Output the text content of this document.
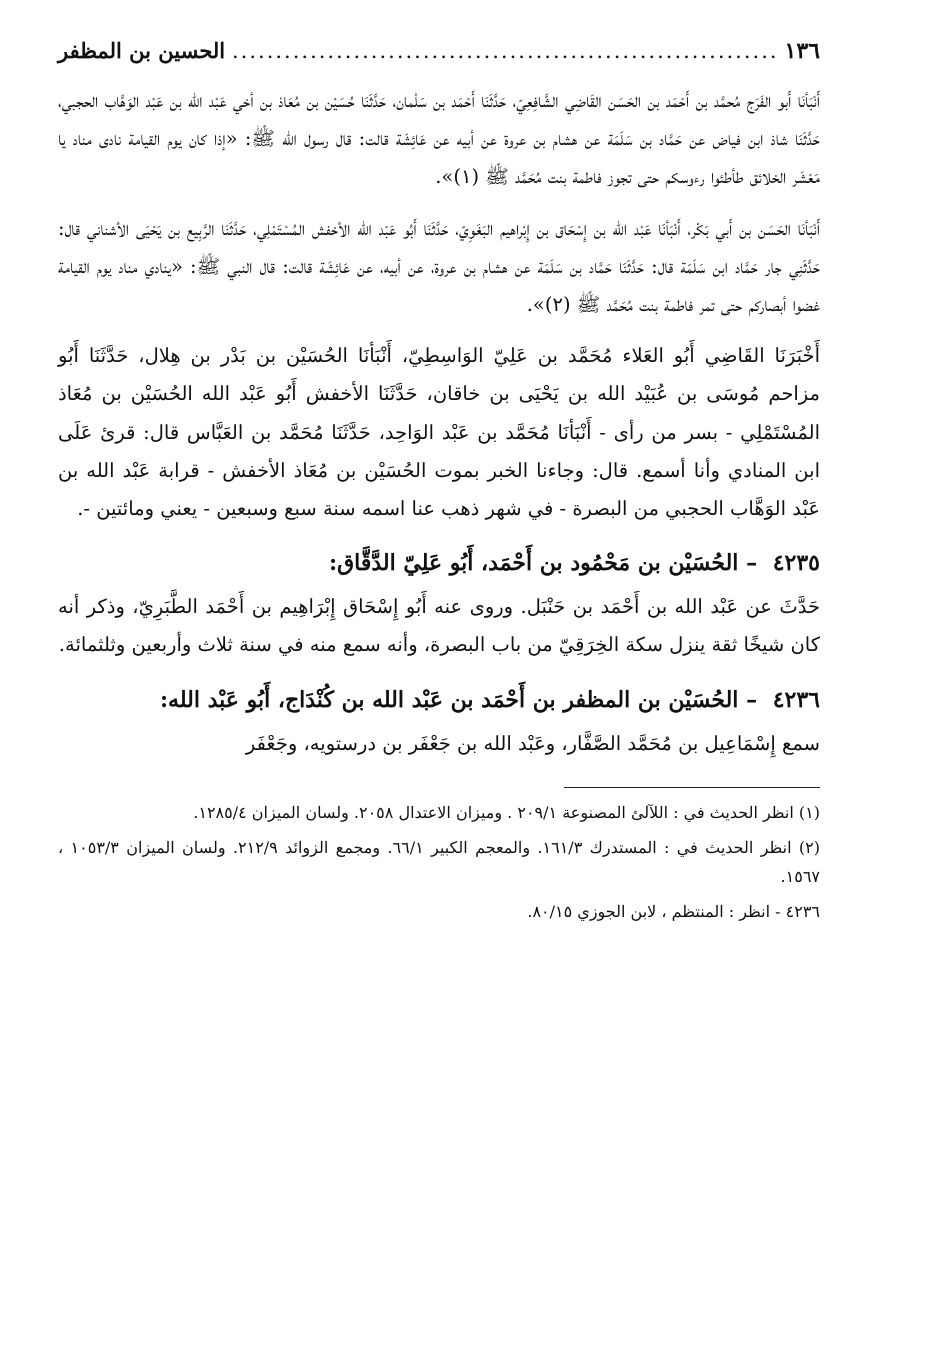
١٣٦
.....
الحسين بن المظفر

أَنْبَأنَا أَبو الفَرَج مُحمَّد بن أَحْمَد بن الحَسَن القَاضِي الشَّافِعِيّ، حَدَّثَنَا أَحْمَد بن سَلْمان، حَدَّثَنَا حُسَيْن بن مُعَاذ بن أخي عَبْد الله بن عَبْد الوَهَّاب الحجبي، حَدَّثَنَا شاذ ابن فياض عن حَمَّاد بن سَلَمَة عن هشام بن عروة عن أبيه عن عَائِشَة قالت: قال رسول الله ﷺ: «إذا كان يوم القيامة نادى مناد يا مَعْشَر الخلائق طأطئوا رءوسكم حتى تجوز فاطمة بنت مُحَمَّد ﷺ (١)».

أَنْبَأنَا الحَسَن بن أَبي بَكْر، أَنْبَأنَا عَبْد الله بن إِسْحَاق بن إِبْراهيم البَغَوِيّ، حَدَّثَنَا أَبُو عَبْد الله الأخفش المُسْتَمْلِي، حَدَّثَنَا الرَّبِيع بن يَحْيَى الأشناني قال: حَدَّثَنِي جار حَمَّاد ابن سَلَمَة قال: حَدَّثَنَا حَمَّاد بن سَلَمَة عن هشام بن عروة، عن أبيه، عن عَائِشَة قالت: قال النبي ﷺ: «ينادي مناد يوم القيامة غضوا أبصاركم حتى تمر فاطمة بنت مُحَمَّد ﷺ (٢)».

أَخْبَرَنَا القَاضِي أَبُو العَلاء مُحَمَّد بن عَلِيّ الوَاسِطِيّ، أَنْبَأنَا الحُسَيْن بن بَدْر بن هِلال، حَدَّثَنَا أَبُو مزاحم مُوسَى بن عُبَيْد الله بن يَحْيَى بن خاقان، حَدَّثَنَا الأخفش أَبُو عَبْد الله الحُسَيْن بن مُعَاذ المُسْتَمْلِي - بسر من رأى - أَنْبَأنَا مُحَمَّد بن عَبْد الوَاحِد، حَدَّثَنَا مُحَمَّد بن العَبَّاس قال: قرئ عَلَى ابن المنادي وأنا أسمع. قال: وجاءنا الخبر بموت الحُسَيْن بن مُعَاذ الأخفش - قرابة عَبْد الله بن عَبْد الوَهَّاب الحجبي من البصرة - في شهر ذهب عنا اسمه سنة سبع وسبعين - يعني ومائتين -.

٤٢٣٥ – الحُسَيْن بن مَحْمُود بن أَحْمَد، أَبُو عَلِيّ الدَّقَّاق:

حَدَّثَ عن عَبْد الله بن أَحْمَد بن حَنْبَل. وروى عنه أَبُو إِسْحَاق إِبْرَاهِيم بن أَحْمَد الطَّبَرِيّ، وذكر أنه كان شيخًا ثقة ينزل سكة الخِرَقِيّ من باب البصرة، وأنه سمع منه في سنة ثلاث وأربعين وثلثمائة.

٤٢٣٦ – الحُسَيْن بن المظفر بن أَحْمَد بن عَبْد الله بن كُنْدَاج، أَبُو عَبْد الله:

سمع إِسْمَاعِيل بن مُحَمَّد الصَّفَّار، وعَبْد الله بن جَعْفَر بن درستويه، وجَعْفَر

(١) انظر الحديث في : اللآلئ المصنوعة ٢٠٩/١ . وميزان الاعتدال ٢٠٥٨. ولسان الميزان ١٢٨٥/٤.

(٢) انظر الحديث في : المستدرك ١٦١/٣. والمعجم الكبير ٦٦/١. ومجمع الزوائد ٢١٢/٩. ولسان الميزان ١٠٥٣/٣ ، ١٥٦٧.

٤٢٣٦ - انظر : المنتظم ، لابن الجوزي ٨٠/١٥.
